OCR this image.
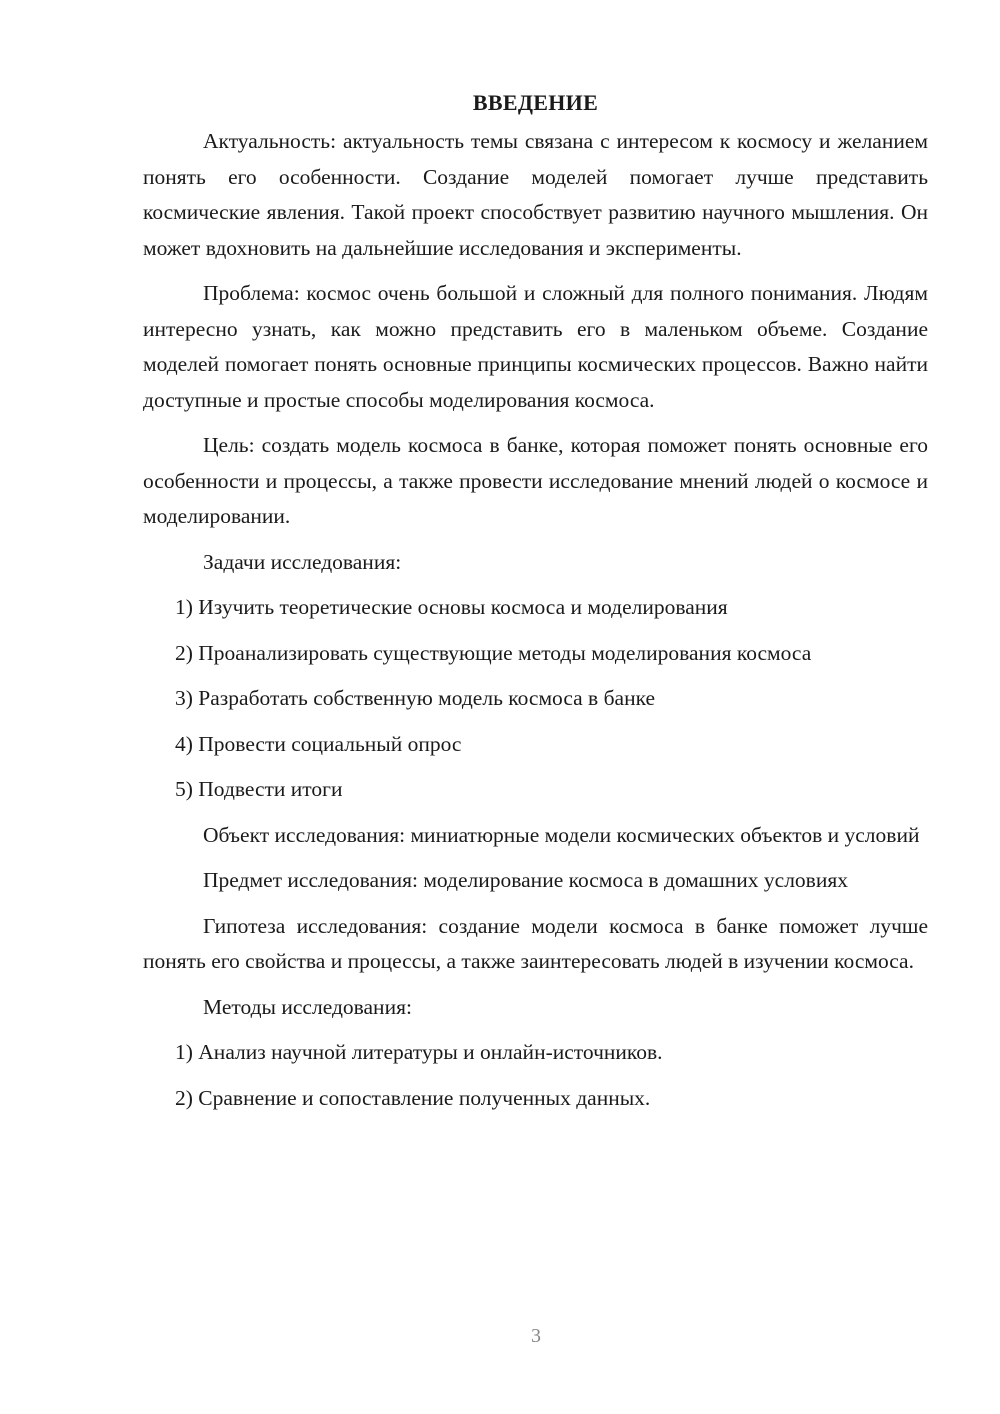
ВВЕДЕНИЕ

Актуальность: актуальность темы связана с интересом к космосу и желанием понять его особенности. Создание моделей помогает лучше представить космические явления. Такой проект способствует развитию научного мышления. Он может вдохновить на дальнейшие исследования и эксперименты.

Проблема: космос очень большой и сложный для полного понимания. Людям интересно узнать, как можно представить его в маленьком объеме. Создание моделей помогает понять основные принципы космических процессов. Важно найти доступные и простые способы моделирования космоса.

Цель: создать модель космоса в банке, которая поможет понять основные его особенности и процессы, а также провести исследование мнений людей о космосе и моделировании.

Задачи исследования:
1) Изучить теоретические основы космоса и моделирования
2) Проанализировать существующие методы моделирования космоса
3) Разработать собственную модель космоса в банке
4) Провести социальный опрос
5) Подвести итоги

Объект исследования: миниатюрные модели космических объектов и условий

Предмет исследования: моделирование космоса в домашних условиях

Гипотеза исследования: создание модели космоса в банке поможет лучше понять его свойства и процессы, а также заинтересовать людей в изучении космоса.

Методы исследования:
1) Анализ научной литературы и онлайн-источников.
2) Сравнение и сопоставление полученных данных.
3
